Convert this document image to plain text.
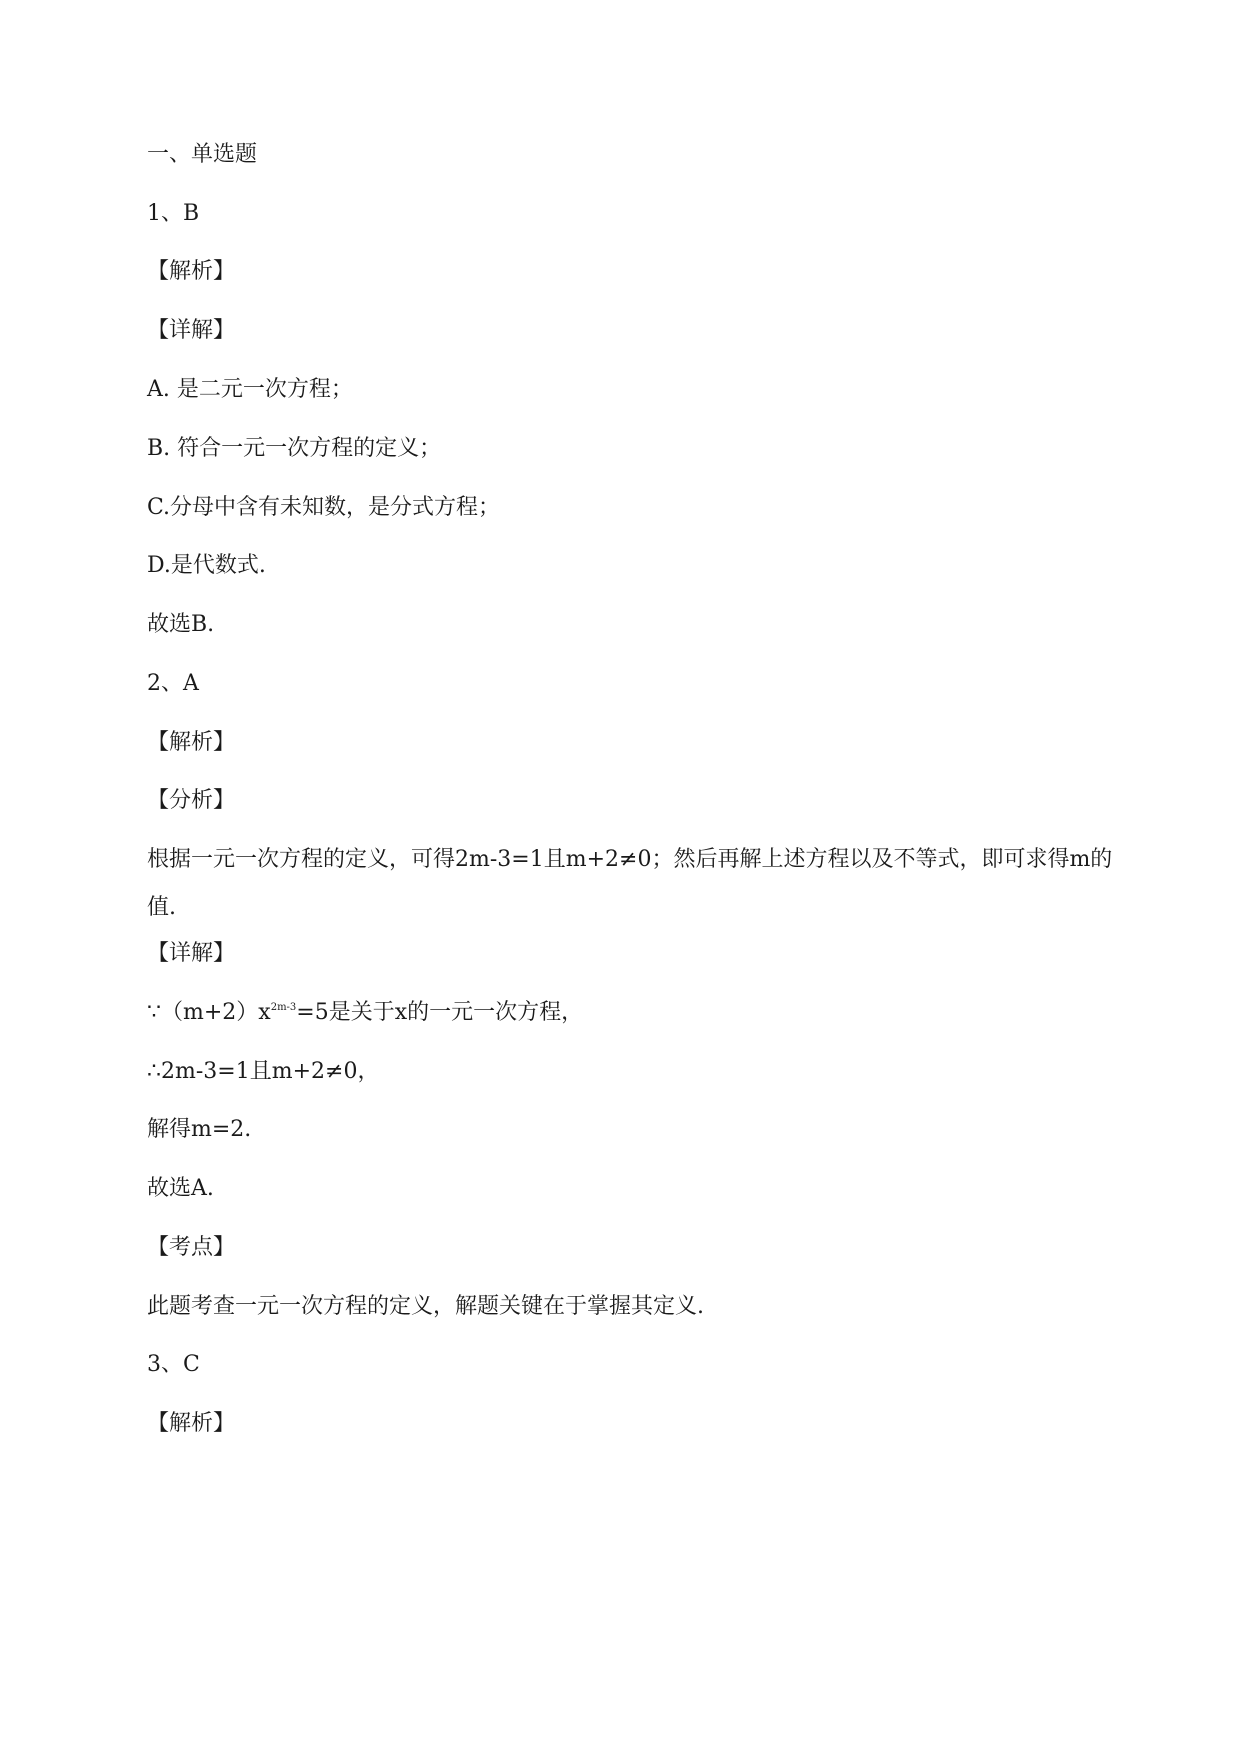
一、单选题
1、B
【解析】
【详解】
A. 是二元一次方程；
B. 符合一元一次方程的定义；
C.分母中含有未知数，是分式方程；
D.是代数式.
故选B.
2、A
【解析】
【分析】
根据一元一次方程的定义，可得2m-3=1且m+2≠0；然后再解上述方程以及不等式，即可求得m的值.
【详解】
$\because(m+2)x^{2m-3}=5$是关于x的一元一次方程，
∴2m-3=1且m+2≠0，
解得m=2.
故选A.
【考点】
此题考查一元一次方程的定义，解题关键在于掌握其定义.
3、C
【解析】
